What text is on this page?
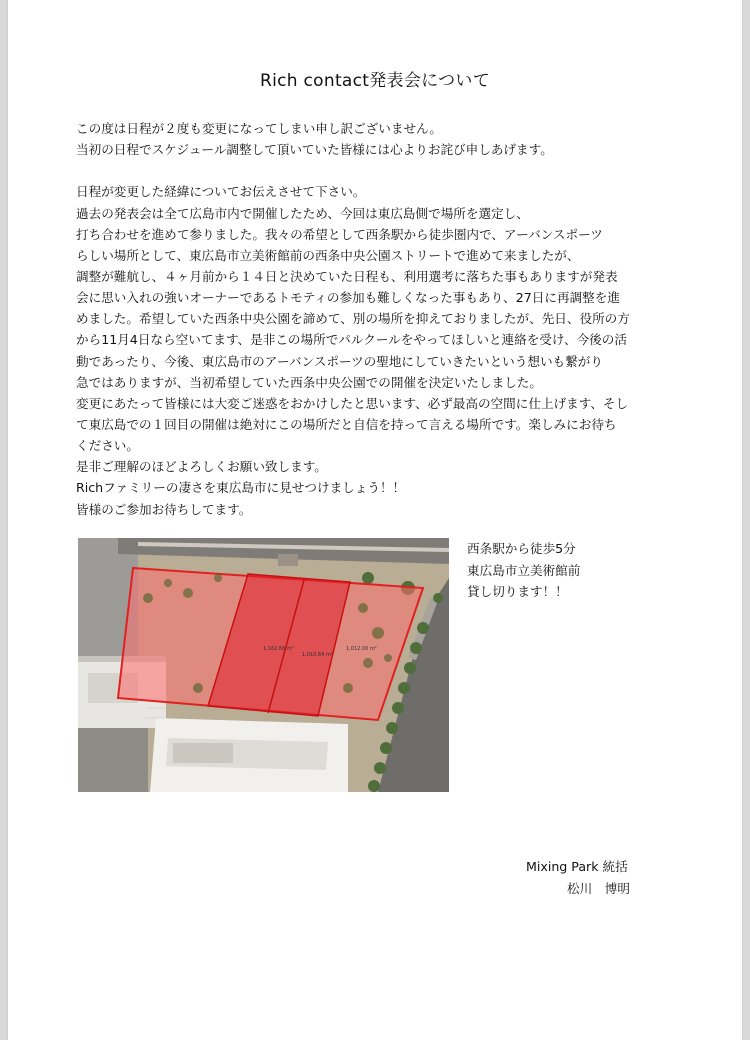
Rich contact発表会について
この度は日程が２度も変更になってしまい申し訳ございません。
当初の日程でスケジュール調整して頂いていた皆様には心よりお詫び申しあげます。
日程が変更した経緯についてお伝えさせて下さい。
過去の発表会は全て広島市内で開催したため、今回は東広島側で場所を選定し、
打ち合わせを進めて参りました。我々の希望として西条駅から徒歩圏内で、アーバンスポーツ
らしい場所として、東広島市立美術館前の西条中央公園ストリートで進めて来ましたが、
調整が難航し、４ヶ月前から１４日と決めていた日程も、利用選考に落ちた事もありますが発表
会に思い入れの強いオーナーであるトモティの参加も難しくなった事もあり、27日に再調整を進
めました。希望していた西条中央公園を諦めて、別の場所を抑えておりましたが、先日、役所の方
から11月4日なら空いてます、是非この場所でパルクールをやってほしいと連絡を受け、今後の活
動であったり、今後、東広島市のアーバンスポーツの聖地にしていきたいという想いも繋がり
急ではありますが、当初希望していた西条中央公園での開催を決定いたしました。
変更にあたって皆様には大変ご迷惑をおかけしたと思います、必ず最高の空間に仕上げます、そし
て東広島での１回目の開催は絶対にこの場所だと自信を持って言える場所です。楽しみにお待ち
ください。
是非ご理解のほどよろしくお願い致します。
Richファミリーの凄さを東広島市に見せつけましょう！！
皆様のご参加お待ちしてます。
1,162.66 m²
1,010.64 m²
1,012.00 m²
西条駅から徒歩5分
東広島市立美術館前
貸し切ります！！
Mixing Park 統括
松川　博明
